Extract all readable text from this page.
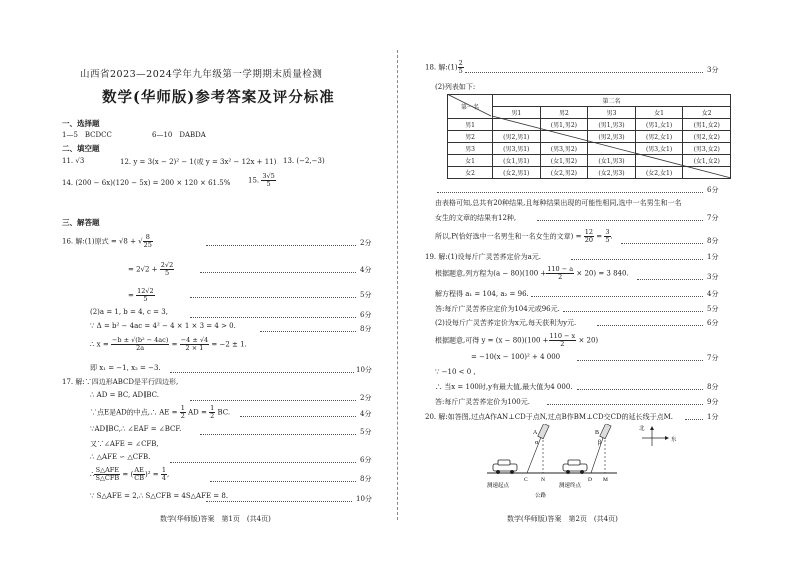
山西省2023—2024学年九年级第一学期期末质量检测
数学(华师版)参考答案及评分标准
一、选择题
1—5　BCDCC	6—10　DABDA
二、填空题
11. √3	12. y = 3(x − 2)² − 1(或 y = 3x² − 12x + 11) 13. (−2,−3)
14. (200 − 6x)(120 − 5x) = 200 × 120 × 61.5%	15. $\frac{3√5}{5}$
三、解答题
16. 解:(1)原式 = √8 + √ $\frac{8}{25}$
= $2√2 + \frac{2√2}{5}$
= $\frac{12√2}{5}$
(2)a = 1, b = 4, c = 3,
∵ Δ = b² − 4ac = 4² − 4 × 1 × 3 = 4 > 0.
∴ $x = \frac{\text{−b ± √(b² − 4ac)}}{2a} = \frac{-4 \pm √4}{2 \times 1} = -2 \pm 1$.
即 x₁ = −1, x₂ = −3.
17. 解:∵四边形ABCD是平行四边形,
∴ AD = BC, AD∥BC.
∵点E是AD的中点,∴ AE = $\frac{1}{2}$ AD = $\frac{1}{2}$ BC.
∵AD∥BC,∴ ∠EAF = ∠BCF.
又∵∠AFE = ∠CFB,
∴ △AFE ∽ △CFB.
∴ $\frac{\text{S△AFE}}{\text{S△CFB}}$ = ( $\frac{AE}{CB} )^2 = \frac{1}{4}$ ,
∵ S△AFE = 2,∴ S△CFB = 4S△AFE = 8.
2分
4分
5分
6分
8分
10分
2分
4分
5分
6分
8分
10分
数学(华师版)答案　第1页　(共4页)
18. 解:(1) $\frac{2}{5}$	3分
(2)列表如下:
第一名	第二名				
	男1	男2	男3	女1	女2
男1		(男1,男2)	(男1,男3)	(男1,女1)	(男1,女2)
男2	(男2,男1)		(男2,男3)	(男2,女1)	(男2,女2)
男3	(男3,男1)	(男3,男2)		(男3,女1)	(男3,女2)
女1	(女1,男1)	(女1,男2)	(女1,男3)		(女1,女2)
女2	(女2,男1)	(女2,男2)	(女2,男3)	(女2,女1)	
6分
由表格可知,总共有20种结果,且每种结果出现的可能性相同,选中一名男生和一名
女生的文章的结果有12种,	7分
所以,P(恰好选中一名男生和一名女生的文章) = $\frac{12}{20} = \frac{3}{5}$ .
8分
19. 解:(1)设每斤广灵苦荞定价为a元.	1分
根据题意,列方程为$(a - 80)(100 + \frac{110 - a}{2} \times 20) = 3$ 840.	3分
解方程得 a₁ = 104, a₂ = 96.	4分
答:每斤广灵苦荞应定价为104元或96元.	5分
(2)设每斤广灵苦荞定价为x元,每天获利为y元.	6分
根据题意,可得 $y = (x - 80)(100 + \frac{110 - x}{2} \times 20)$
= −10(x − 100)² + 4 000	7分
∵ −10 < 0 ,
∴ 当x = 100时,y有最大值,最大值为4 000.	8分
答:每斤广灵苦荞定价为100元.	9分
20. 解:如答图,过点A作AN⊥CD于点N,过点B作BM⊥CD交CD的延长线于点M.	1分
A	B
α	β
C N	D M
测速起点	测速终点
公路
北
东
数学(华师版)答案　第2页　(共4页)
